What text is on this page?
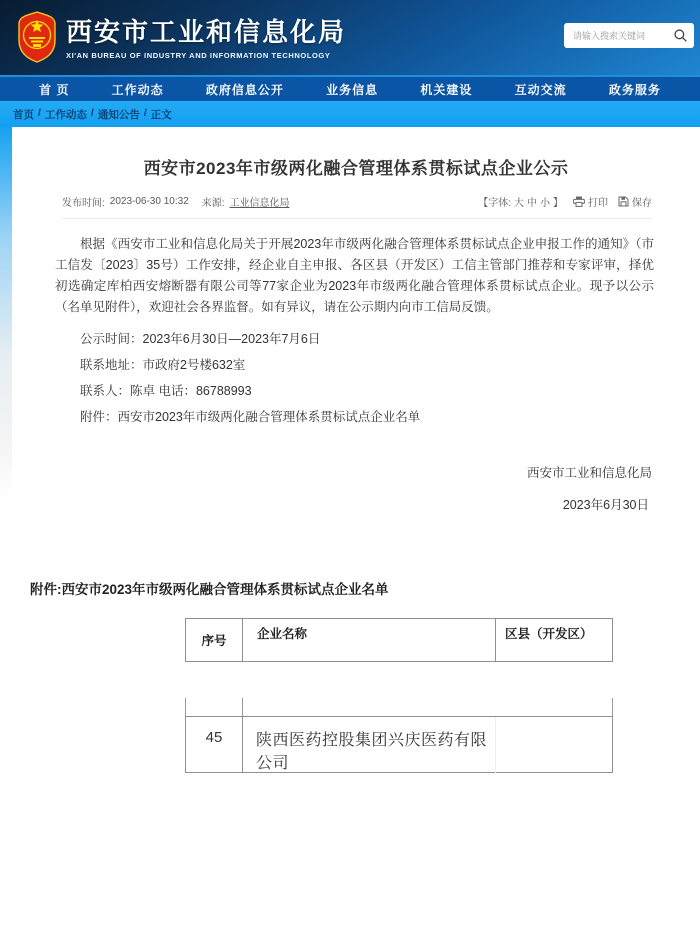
西安市工业和信息化局
XI'AN BUREAU OF INDUSTRY AND INFORMATION TECHNOLOGY
请输入搜索关键词
首 页	工作动态	政府信息公开	业务信息	机关建设	互动交流	政务服务
首页 / 工作动态 / 通知公告 / 正文
西安市2023年市级两化融合管理体系贯标试点企业公示
发布时间: 2023-06-30 10:32 来源: 工业信息化局	【字体: 大 中 小 】	打印 保存

根据《西安市工业和信息化局关于开展2023年市级两化融合管理体系贯标试点企业申报工作的通知》（市工信发〔2023〕35号）工作安排，经企业自主申报、各区县（开发区）工信主管部门推荐和专家评审，择优初选确定库柏西安熔断器有限公司等77家企业为2023年市级两化融合管理体系贯标试点企业。现予以公示（名单见附件），欢迎社会各界监督。如有异议，请在公示期内向市工信局反馈。

公示时间：2023年6月30日—2023年7月6日
联系地址：市政府2号楼632室
联系人：陈卓 电话：86788993
附件：西安市2023年市级两化融合管理体系贯标试点企业名单
西安市工业和信息化局
2023年6月30日
附件:西安市2023年市级两化融合管理体系贯标试点企业名单
序号	企业名称	区县（开发区）
45	陕西医药控股集团兴庆医药有限公司
